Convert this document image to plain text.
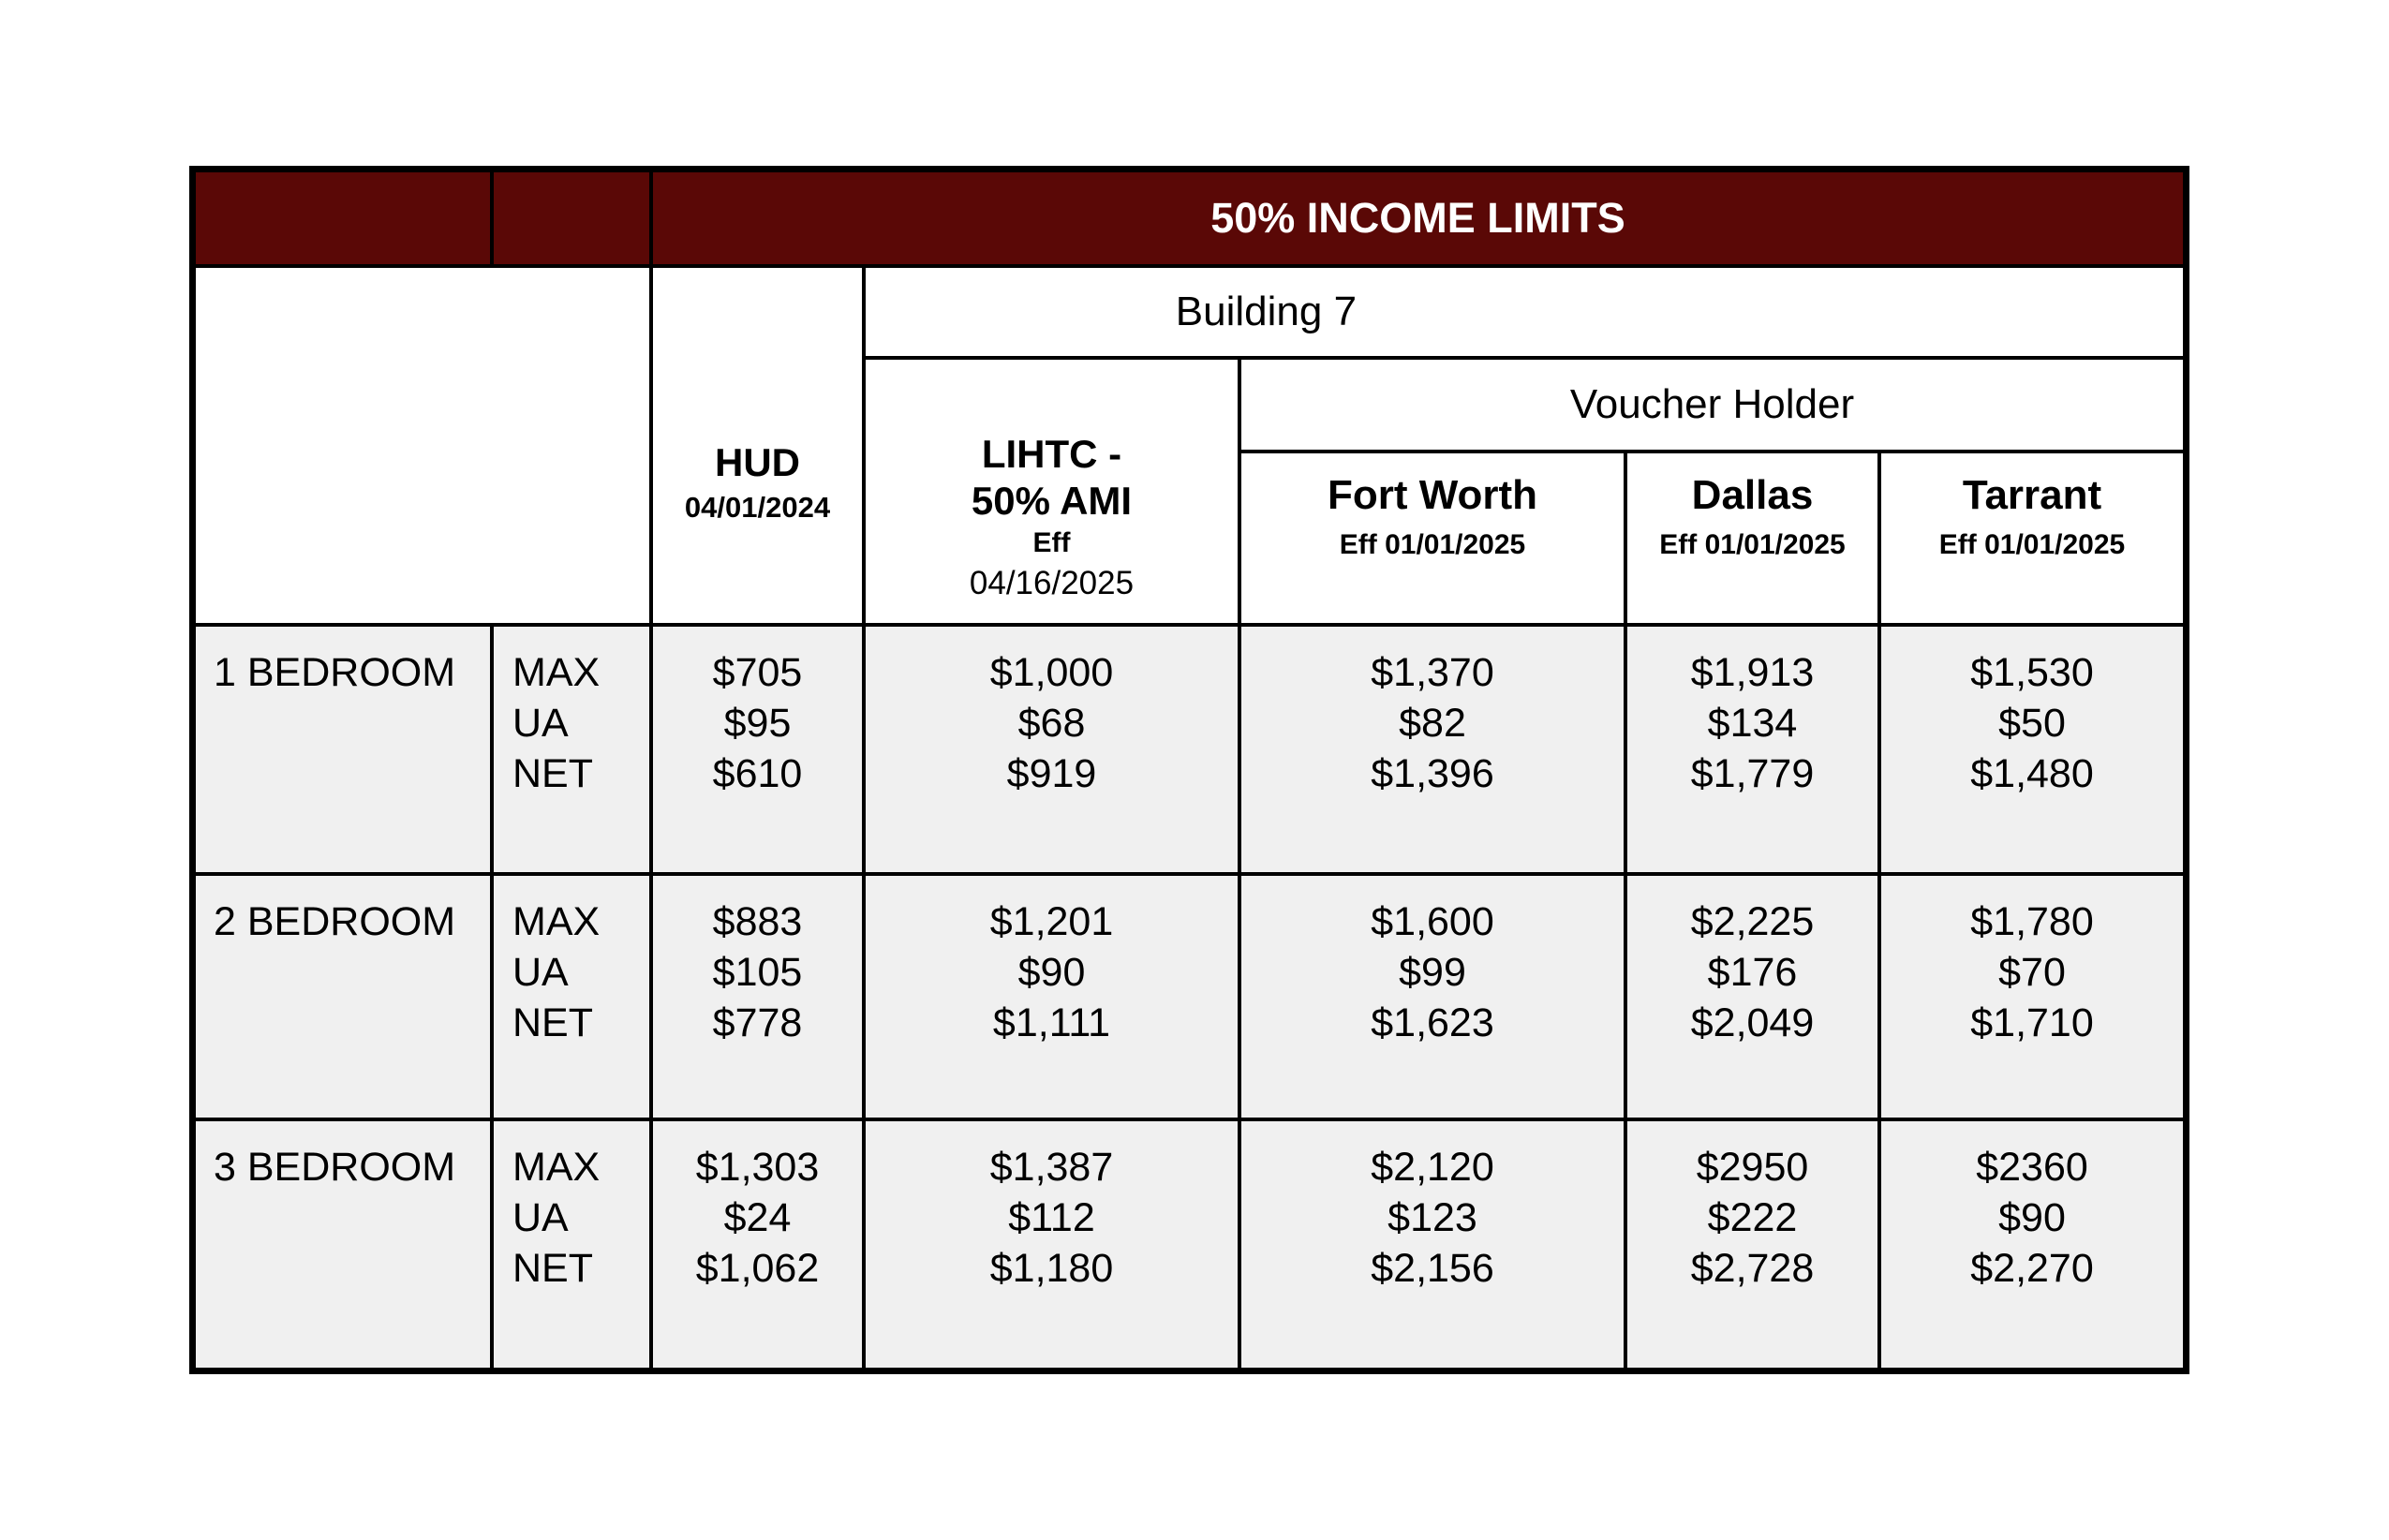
50% INCOME LIMITS
HUD
04/01/2024
Building 7
LIHTC -
50% AMI
Eff
04/16/2025
Voucher Holder
Fort Worth
Eff 01/01/2025
Dallas
Eff 01/01/2025
Tarrant
Eff 01/01/2025
1 BEDROOM MAX
UA
NET
$705
$95
$610
$1,000
$68
$919
$1,370
$82
$1,396
$1,913
$134
$1,779
$1,530
$50
$1,480
2 BEDROOM MAX
UA
NET
$883
$105
$778
$1,201
$90
$1,111
$1,600
$99
$1,623
$2,225
$176
$2,049
$1,780
$70
$1,710
3 BEDROOM MAX
UA
NET
$1,303
$24
$1,062
$1,387
$112
$1,180
$2,120
$123
$2,156
$2950
$222
$2,728
$2360
$90
$2,270
